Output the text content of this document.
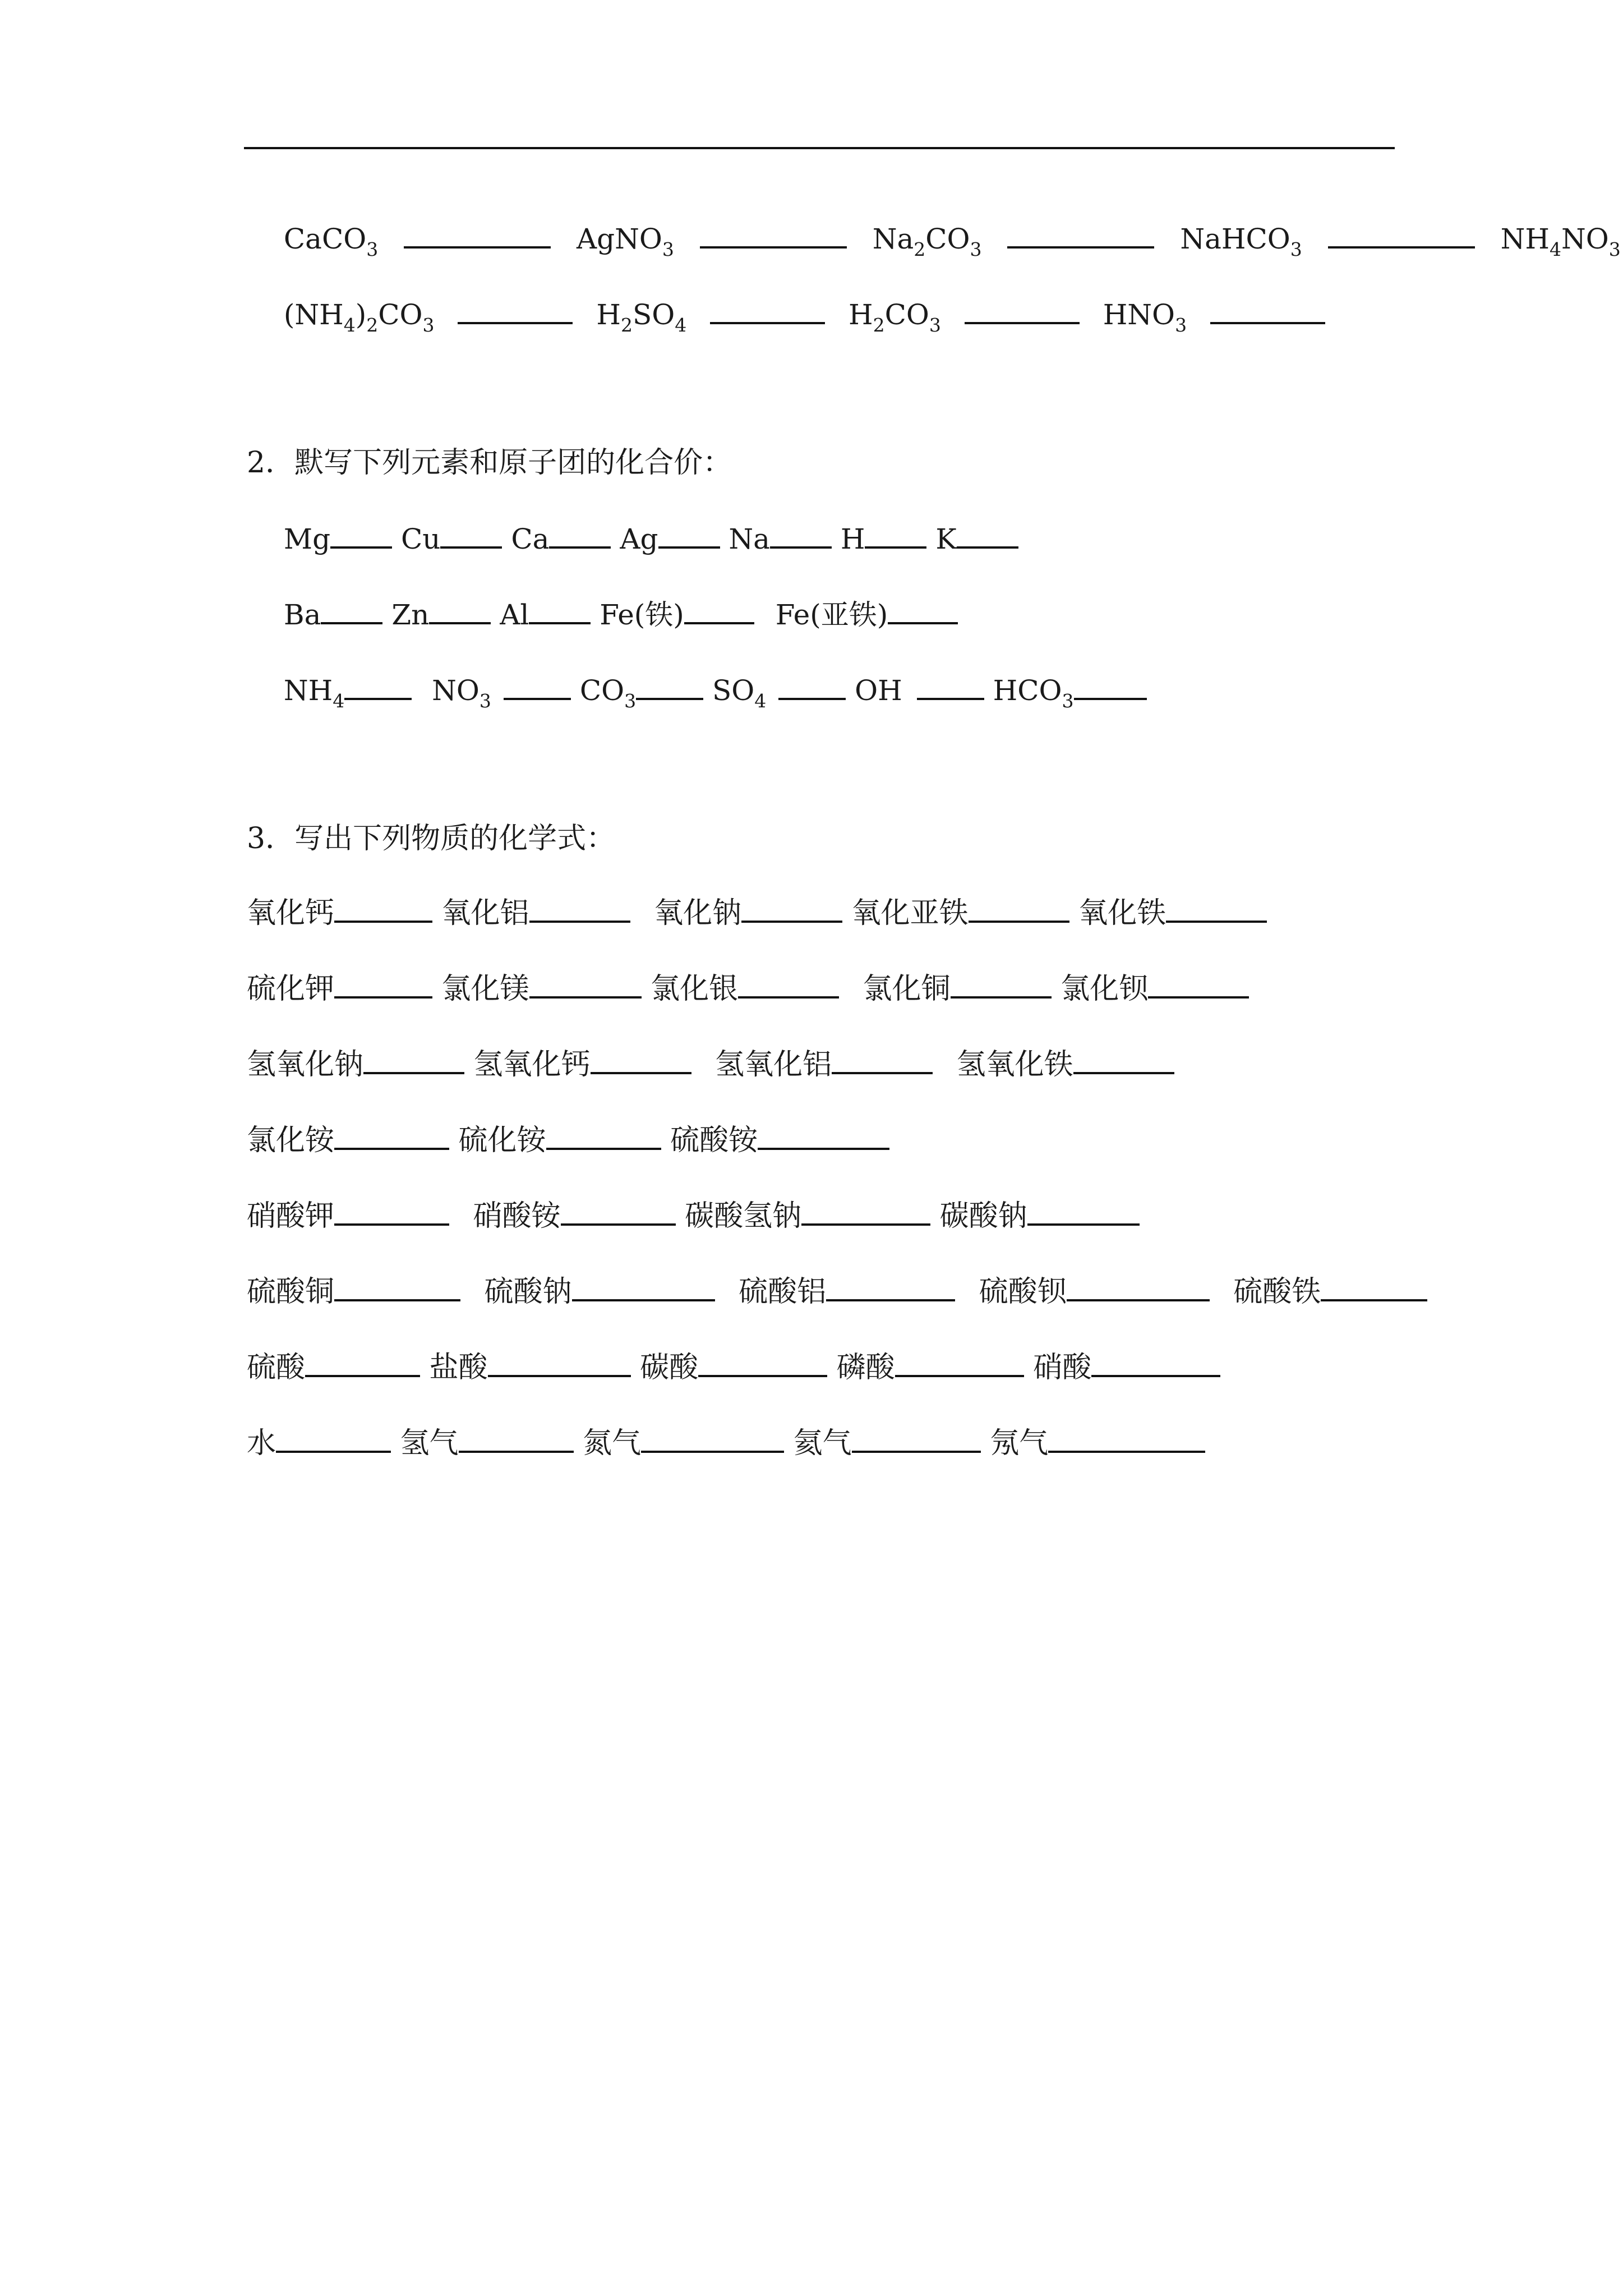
CaCO$_3$	AgNO$_3$	$Na_2CO_3$	NaHCO$_3$	$NH_4NO_3$
$(NH_4)_2CO_3$	$H_2SO_4$	$H_2CO_3$	$HNO_3$
2．默写下列元素和原子团的化合价：
Mg	Cu	Ca	Ag	Na	H	K
Ba	Zn	Al	Fe(铁)	Fe(亚铁)
$NH_4$	$NO_3$	$CO_3$	$SO_4$	OH	$HCO_3$
3．写出下列物质的化学式：
氧化钙	氧化铝	氧化钠	氧化亚铁	氧化铁
硫化钾	氯化镁	氯化银	氯化铜	氯化钡
氢氧化钠	氢氧化钙	氢氧化铝	氢氧化铁
氯化铵	硫化铵	硫酸铵
硝酸钾	硝酸铵	碳酸氢钠	碳酸钠
硫酸铜	硫酸钠	硫酸铝	硫酸钡	硫酸铁
硫酸	盐酸	碳酸	磷酸	硝酸
水	氢气	氮气	氦气	氖气
